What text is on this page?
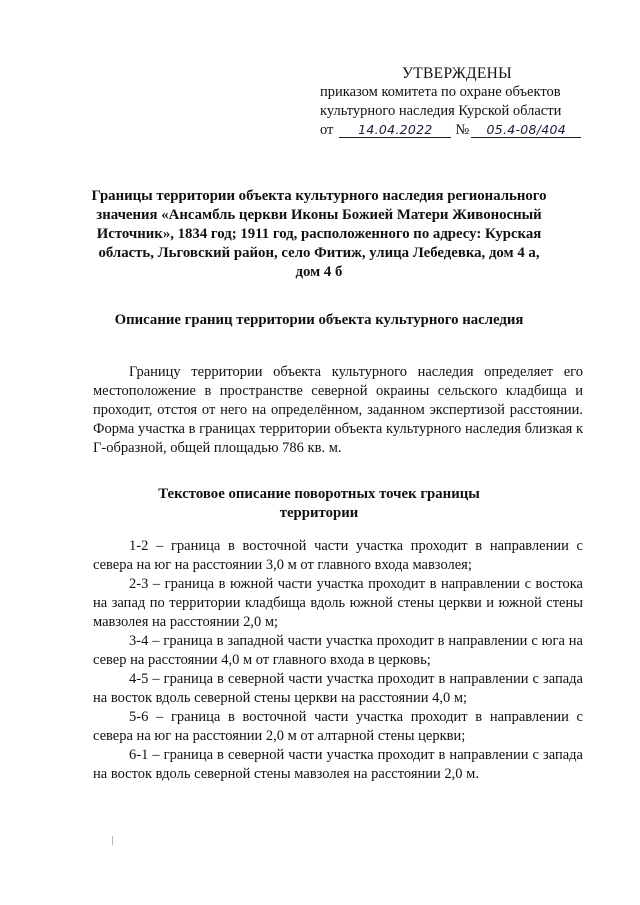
УТВЕРЖДЕНЫ
приказом комитета по охране объектов
культурного наследия Курской области
от 14.04.2022 № 05.4-08/404
Границы территории объекта культурного наследия регионального значения «Ансамбль церкви Иконы Божией Матери Живоносный Источник», 1834 год; 1911 год, расположенного по адресу: Курская область, Льговский район, село Фитиж, улица Лебедевка, дом 4 а, дом 4 б
Описание границ территории объекта культурного наследия

Границу территории объекта культурного наследия определяет его местоположение в пространстве северной окраины сельского кладбища и проходит, отстоя от него на определённом, заданном экспертизой расстоянии. Форма участка в границах территории объекта культурного наследия близкая к Г-образной, общей площадью 786 кв. м.

Текстовое описание поворотных точек границы территории

1-2 – граница в восточной части участка проходит в направлении с севера на юг на расстоянии 3,0 м от главного входа мавзолея;

2-3 – граница в южной части участка проходит в направлении с востока на запад по территории кладбища вдоль южной стены церкви и южной стены мавзолея на расстоянии 2,0 м;

3-4 – граница в западной части участка проходит в направлении с юга на север на расстоянии 4,0 м от главного входа в церковь;

4-5 – граница в северной части участка проходит в направлении с запада на восток вдоль северной стены церкви на расстоянии 4,0 м;

5-6 – граница в восточной части участка проходит в направлении с севера на юг на расстоянии 2,0 м от алтарной стены церкви;

6-1 – граница в северной части участка проходит в направлении с запада на восток вдоль северной стены мавзолея на расстоянии 2,0 м.
